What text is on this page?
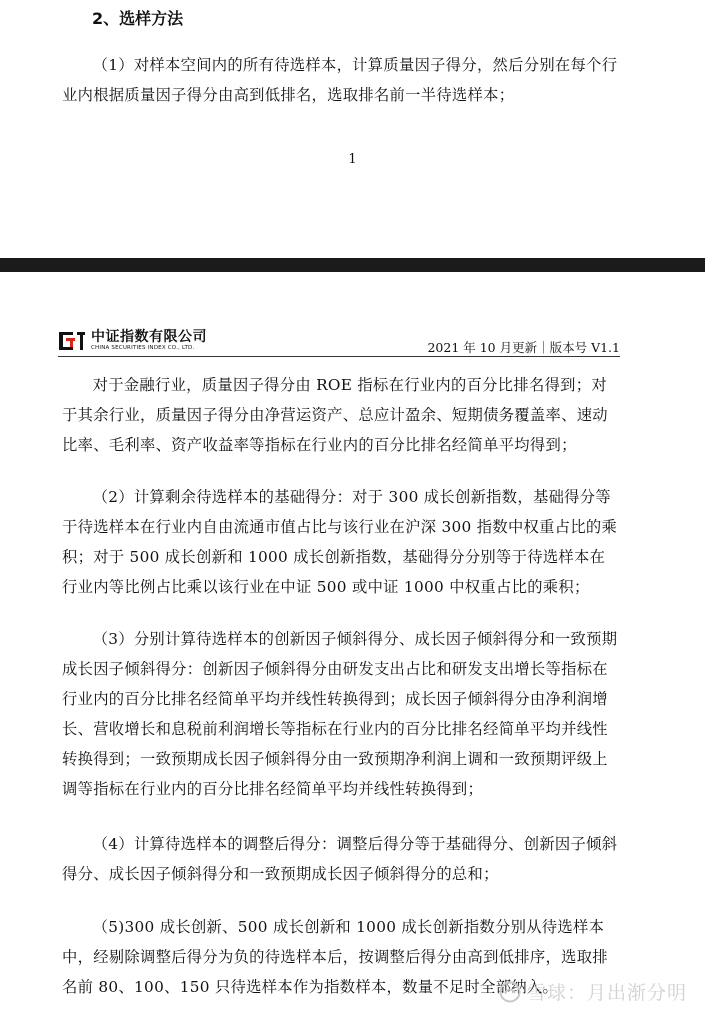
2、选样方法

（1）对样本空间内的所有待选样本，计算质量因子得分，然后分别在每个行业内根据质量因子得分由高到低排名，选取排名前一半待选样本；

1
中证指数有限公司
CHINA SECURITIES INDEX CO., LTD.	2021 年 10 月更新｜版本号 V1.1

对于金融行业，质量因子得分由 ROE 指标在行业内的百分比排名得到；对于其余行业，质量因子得分由净营运资产、总应计盈余、短期债务覆盖率、速动比率、毛利率、资产收益率等指标在行业内的百分比排名经简单平均得到；

（2）计算剩余待选样本的基础得分：对于 300 成长创新指数，基础得分等于待选样本在行业内自由流通市值占比与该行业在沪深 300 指数中权重占比的乘积；对于 500 成长创新和 1000 成长创新指数，基础得分分别等于待选样本在行业内等比例占比乘以该行业在中证 500 或中证 1000 中权重占比的乘积；

（3）分别计算待选样本的创新因子倾斜得分、成长因子倾斜得分和一致预期成长因子倾斜得分：创新因子倾斜得分由研发支出占比和研发支出增长等指标在行业内的百分比排名经简单平均并线性转换得到；成长因子倾斜得分由净利润增长、营收增长和息税前利润增长等指标在行业内的百分比排名经简单平均并线性转换得到；一致预期成长因子倾斜得分由一致预期净利润上调和一致预期评级上调等指标在行业内的百分比排名经简单平均并线性转换得到；

（4）计算待选样本的调整后得分：调整后得分等于基础得分、创新因子倾斜得分、成长因子倾斜得分和一致预期成长因子倾斜得分的总和；

（5)300 成长创新、500 成长创新和 1000 成长创新指数分别从待选样本中，经剔除调整后得分为负的待选样本后，按调整后得分由高到低排序，选取排名前 80、100、150 只待选样本作为指数样本，数量不足时全部纳入。

雪球：月出渐分明
